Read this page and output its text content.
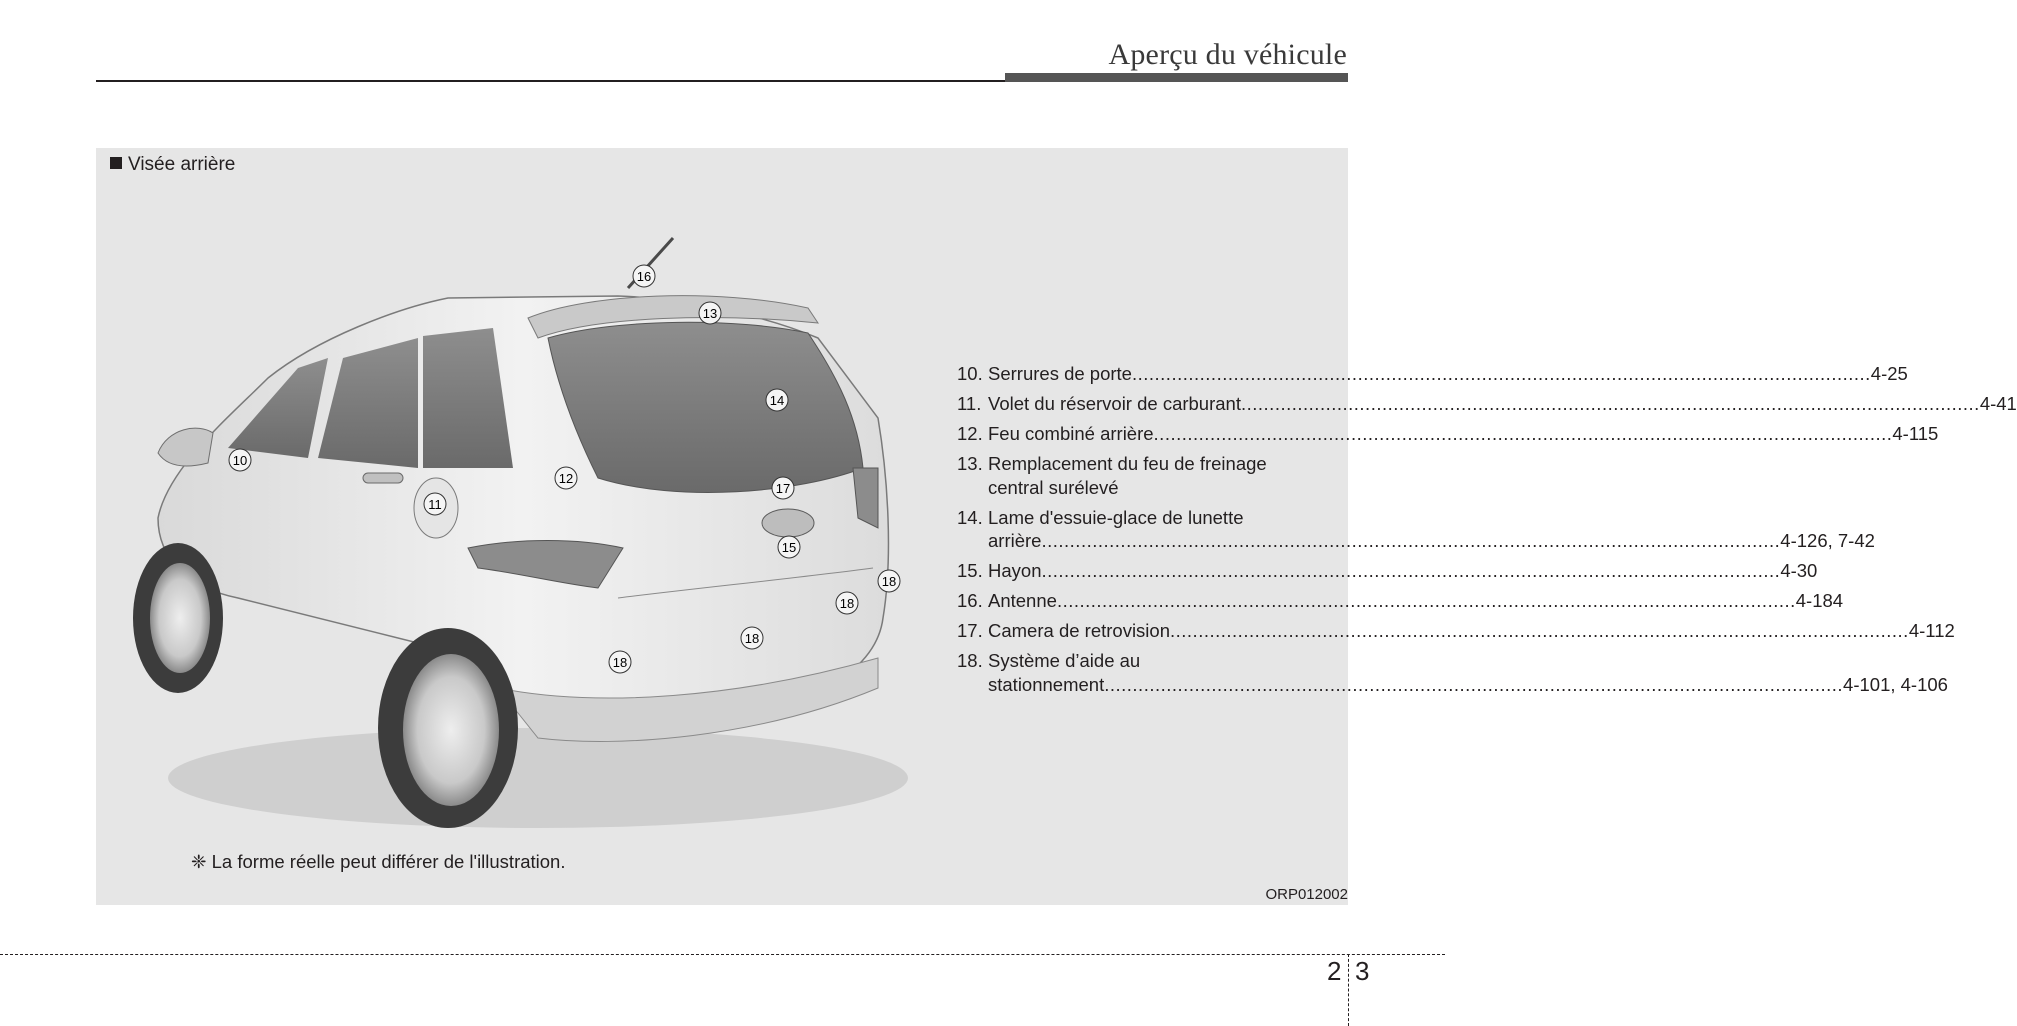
Aperçu du véhicule
Visée arrière
10
11
12
13
14
15
16
17
18
18
18
18
10. Serrures de porte .....	4-25
11. Volet du réservoir de carburant .....	4-41
12. Feu combiné arrière .....	4-115
13. Remplacement du feu de freinage
central surélevé
14. Lame d'essuie-glace de lunette
arrière .....	4-126, 7-42
15. Hayon .....	4-30
16. Antenne .....	4-184
17. Camera de retrovision .....	4-112
18. Système d’aide au
stationnement .....	4-101, 4-106
❈ La forme réelle peut différer de l'illustration.
ORP012002
2 3
